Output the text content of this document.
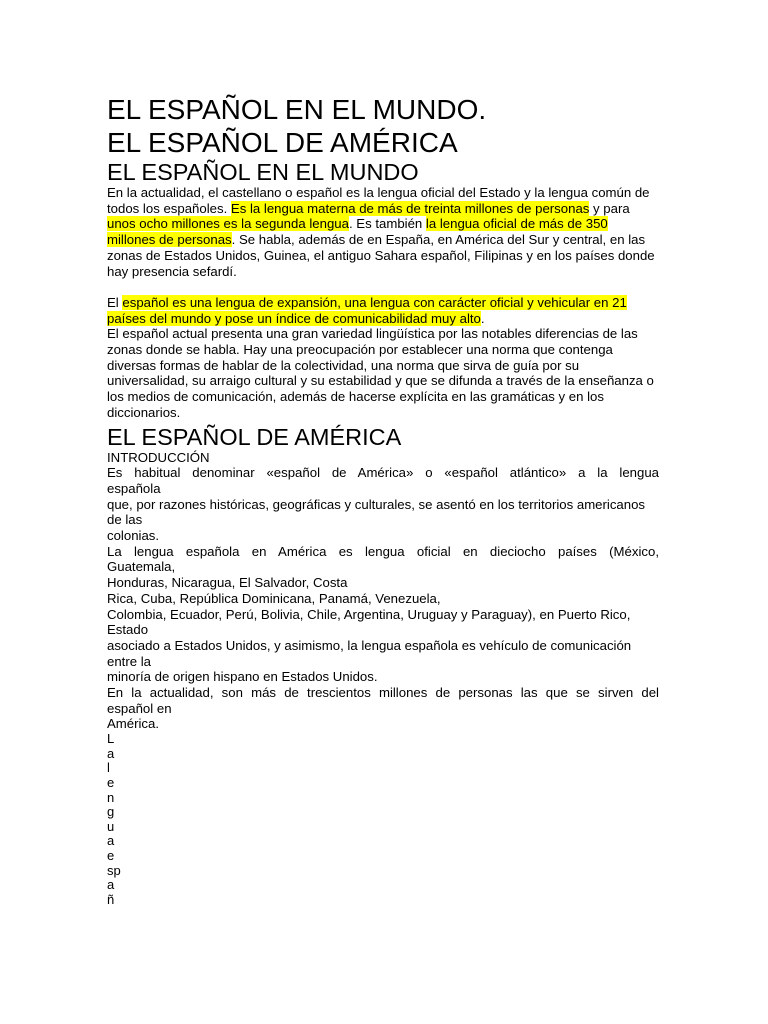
EL ESPAÑOL EN EL MUNDO.
EL ESPAÑOL DE AMÉRICA
EL ESPAÑOL EN EL MUNDO

En la actualidad, el castellano o español es la lengua oficial del Estado y la lengua común de todos los españoles. Es la lengua materna de más de treinta millones de personas y para unos ocho millones es la segunda lengua. Es también la lengua oficial de más de 350 millones de personas. Se habla, además de en España, en América del Sur y central, en las zonas de Estados Unidos, Guinea, el antiguo Sahara español, Filipinas y en los países donde hay presencia sefardí.

El español es una lengua de expansión, una lengua con carácter oficial y vehicular en 21 países del mundo y pose un índice de comunicabilidad muy alto.

El español actual presenta una gran variedad lingüística por las notables diferencias de las zonas donde se habla. Hay una preocupación por establecer una norma que contenga diversas formas de hablar de la colectividad, una norma que sirva de guía por su universalidad, su arraigo cultural y su estabilidad y que se difunda a través de la enseñanza o los medios de comunicación, además de hacerse explícita en las gramáticas y en los diccionarios.

EL ESPAÑOL DE AMÉRICA

INTRODUCCIÓN

Es habitual denominar «español de América» o «español atlántico» a la lengua

española

que, por razones históricas, geográficas y culturales, se asentó en los territorios americanos

de las

colonias.

La lengua española en América es lengua oficial en dieciocho países (México,

Guatemala,

Honduras, Nicaragua, El Salvador, Costa

Rica, Cuba, República Dominicana, Panamá, Venezuela,

Colombia, Ecuador, Perú, Bolivia, Chile, Argentina, Uruguay y Paraguay), en Puerto Rico,

Estado

asociado a Estados Unidos, y asimismo, la lengua española es vehículo de comunicación

entre la

minoría de origen hispano en Estados Unidos.

En la actualidad, son más de trescientos millones de personas las que se sirven del

español en

América.

L
a
l
e
n
g
u
a
e
sp
a
ñ
